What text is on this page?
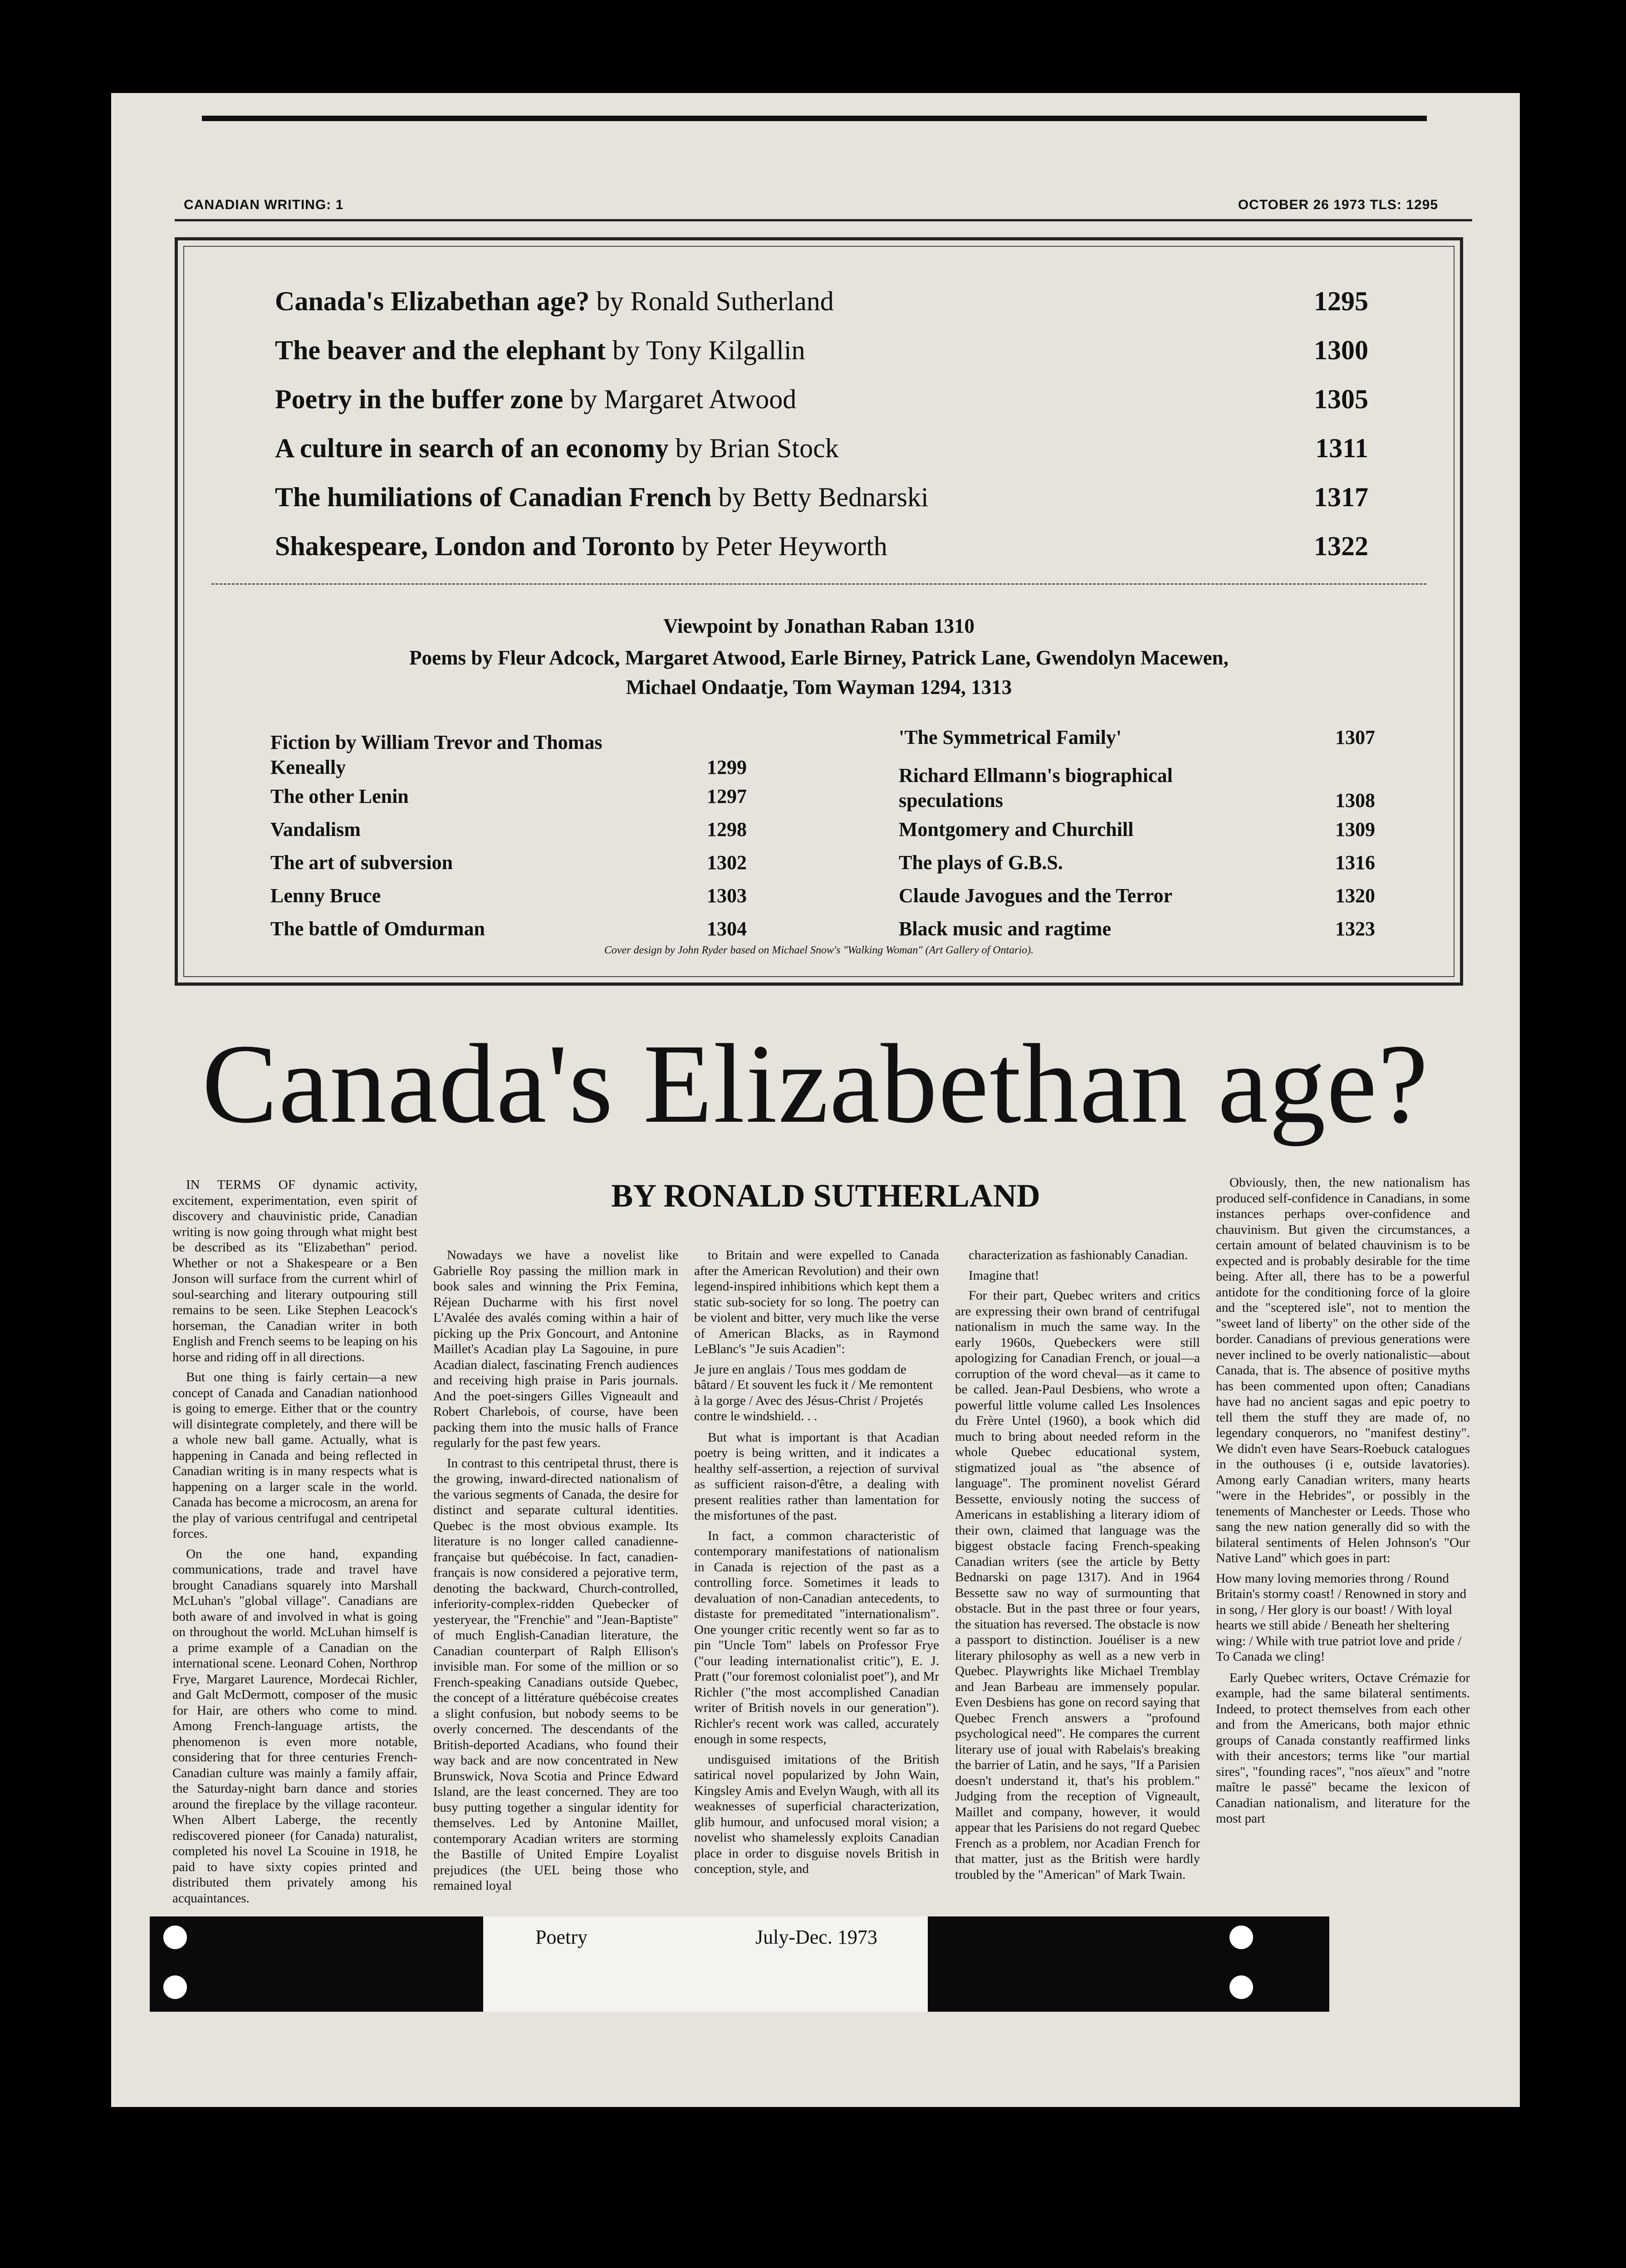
CANADIAN WRITING: 1	OCTOBER 26 1973 TLS: 1295
Canada's Elizabethan age? by Ronald Sutherland	1295
The beaver and the elephant by Tony Kilgallin	1300
Poetry in the buffer zone by Margaret Atwood	1305
A culture in search of an economy by Brian Stock	1311
The humiliations of Canadian French by Betty Bednarski	1317
Shakespeare, London and Toronto by Peter Heyworth	1322
Viewpoint by Jonathan Raban 1310
Poems by Fleur Adcock, Margaret Atwood, Earle Birney, Patrick Lane, Gwendolyn Macewen,
Michael Ondaatje, Tom Wayman 1294, 1313
Fiction by William Trevor and Thomas Keneally	1299
The other Lenin	1297
Vandalism	1298
The art of subversion	1302
Lenny Bruce	1303
The battle of Omdurman	1304
'The Symmetrical Family'	1307
Richard Ellmann's biographical speculations	1308
Montgomery and Churchill	1309
The plays of G.B.S.	1316
Claude Javogues and the Terror	1320
Black music and ragtime	1323
Cover design by John Ryder based on Michael Snow's "Walking Woman" (Art Gallery of Ontario).
Canada's Elizabethan age?
BY RONALD SUTHERLAND

IN TERMS OF dynamic activity, excitement, experimentation, even spirit of discovery and chauvinistic pride, Canadian writing is now going through what might best be described as its "Elizabethan" period. Whether or not a Shakespeare or a Ben Jonson will surface from the current whirl of soul-searching and literary outpouring still remains to be seen. Like Stephen Leacock's horseman, the Canadian writer in both English and French seems to be leaping on his horse and riding off in all directions.

But one thing is fairly certain—a new concept of Canada and Canadian nationhood is going to emerge. Either that or the country will disintegrate completely, and there will be a whole new ball game. Actually, what is happening in Canada and being reflected in Canadian writing is in many respects what is happening on a larger scale in the world. Canada has become a microcosm, an arena for the play of various centrifugal and centripetal forces.

On the one hand, expanding communications, trade and travel have brought Canadians squarely into Marshall McLuhan's "global village". Canadians are both aware of and involved in what is going on throughout the world. McLuhan himself is a prime example of a Canadian on the international scene. Leonard Cohen, Northrop Frye, Margaret Laurence, Mordecai Richler, and Galt McDermott, composer of the music for Hair, are others who come to mind. Among French-language artists, the phenomenon is even more notable, considering that for three centuries French-Canadian culture was mainly a family affair, the Saturday-night barn dance and stories around the fireplace by the village raconteur. When Albert Laberge, the recently rediscovered pioneer (for Canada) naturalist, completed his novel La Scouine in 1918, he paid to have sixty copies printed and distributed them privately among his acquaintances.

Nowadays we have a novelist like Gabrielle Roy passing the million mark in book sales and winning the Prix Femina, Réjean Ducharme with his first novel L'Avalée des avalés coming within a hair of picking up the Prix Goncourt, and Antonine Maillet's Acadian play La Sagouine, in pure Acadian dialect, fascinating French audiences and receiving high praise in Paris journals. And the poet-singers Gilles Vigneault and Robert Charlebois, of course, have been packing them into the music halls of France regularly for the past few years.

In contrast to this centripetal thrust, there is the growing, inward-directed nationalism of the various segments of Canada, the desire for distinct and separate cultural identities. Quebec is the most obvious example. Its literature is no longer called canadienne-française but québécoise. In fact, canadien-français is now considered a pejorative term, denoting the backward, Church-controlled, inferiority-complex-ridden Quebecker of yesteryear, the "Frenchie" and "Jean-Baptiste" of much English-Canadian literature, the Canadian counterpart of Ralph Ellison's invisible man. For some of the million or so French-speaking Canadians outside Quebec, the concept of a littérature québécoise creates a slight confusion, but nobody seems to be overly concerned. The descendants of the British-deported Acadians, who found their way back and are now concentrated in New Brunswick, Nova Scotia and Prince Edward Island, are the least concerned. They are too busy putting together a singular identity for themselves. Led by Antonine Maillet, contemporary Acadian writers are storming the Bastille of United Empire Loyalist prejudices (the UEL being those who remained loyal

to Britain and were expelled to Canada after the American Revolution) and their own legend-inspired inhibitions which kept them a static sub-society for so long. The poetry can be violent and bitter, very much like the verse of American Blacks, as in Raymond LeBlanc's "Je suis Acadien":

Je jure en anglais / Tous mes goddam de bâtard / Et souvent les fuck it / Me remontent à la gorge / Avec des Jésus-Christ / Projetés contre le windshield. . .

But what is important is that Acadian poetry is being written, and it indicates a healthy self-assertion, a rejection of survival as sufficient raison-d'être, a dealing with present realities rather than lamentation for the misfortunes of the past.

In fact, a common characteristic of contemporary manifestations of nationalism in Canada is rejection of the past as a controlling force. Sometimes it leads to devaluation of non-Canadian antecedents, to distaste for premeditated "internationalism". One younger critic recently went so far as to pin "Uncle Tom" labels on Professor Frye ("our leading internationalist critic"), E. J. Pratt ("our foremost colonialist poet"), and Mr Richler ("the most accomplished Canadian writer of British novels in our generation"). Richler's recent work was called, accurately enough in some respects,

undisguised imitations of the British satirical novel popularized by John Wain, Kingsley Amis and Evelyn Waugh, with all its weaknesses of superficial characterization, glib humour, and unfocused moral vision; a novelist who shamelessly exploits Canadian place in order to disguise novels British in conception, style, and

characterization as fashionably Canadian.

Imagine that!

For their part, Quebec writers and critics are expressing their own brand of centrifugal nationalism in much the same way. In the early 1960s, Quebeckers were still apologizing for Canadian French, or joual—a corruption of the word cheval—as it came to be called. Jean-Paul Desbiens, who wrote a powerful little volume called Les Insolences du Frère Untel (1960), a book which did much to bring about needed reform in the whole Quebec educational system, stigmatized joual as "the absence of language". The prominent novelist Gérard Bessette, enviously noting the success of Americans in establishing a literary idiom of their own, claimed that language was the biggest obstacle facing French-speaking Canadian writers (see the article by Betty Bednarski on page 1317). And in 1964 Bessette saw no way of surmounting that obstacle. But in the past three or four years, the situation has reversed. The obstacle is now a passport to distinction. Jouéliser is a new literary philosophy as well as a new verb in Quebec. Playwrights like Michael Tremblay and Jean Barbeau are immensely popular. Even Desbiens has gone on record saying that Quebec French answers a "profound psychological need". He compares the current literary use of joual with Rabelais's breaking the barrier of Latin, and he says, "If a Parisien doesn't understand it, that's his problem." Judging from the reception of Vigneault, Maillet and company, however, it would appear that les Parisiens do not regard Quebec French as a problem, nor Acadian French for that matter, just as the British were hardly troubled by the "American" of Mark Twain.

Obviously, then, the new nationalism has produced self-confidence in Canadians, in some instances perhaps over-confidence and chauvinism. But given the circumstances, a certain amount of belated chauvinism is to be expected and is probably desirable for the time being. After all, there has to be a powerful antidote for the conditioning force of la gloire and the "sceptered isle", not to mention the "sweet land of liberty" on the other side of the border. Canadians of previous generations were never inclined to be overly nationalistic—about Canada, that is. The absence of positive myths has been commented upon often; Canadians have had no ancient sagas and epic poetry to tell them the stuff they are made of, no legendary conquerors, no "manifest destiny". We didn't even have Sears-Roebuck catalogues in the outhouses (i e, outside lavatories). Among early Canadian writers, many hearts "were in the Hebrides", or possibly in the tenements of Manchester or Leeds. Those who sang the new nation generally did so with the bilateral sentiments of Helen Johnson's "Our Native Land" which goes in part:

How many loving memories throng / Round Britain's stormy coast! / Renowned in story and in song, / Her glory is our boast! / With loyal hearts we still abide / Beneath her sheltering wing: / While with true patriot love and pride / To Canada we cling!

Early Quebec writers, Octave Crémazie for example, had the same bilateral sentiments. Indeed, to protect themselves from each other and from the Americans, both major ethnic groups of Canada constantly reaffirmed links with their ancestors; terms like "our martial sires", "founding races", "nos aïeux" and "notre maître le passé" became the lexicon of Canadian nationalism, and literature for the most part

Poetry	July-Dec. 1973
